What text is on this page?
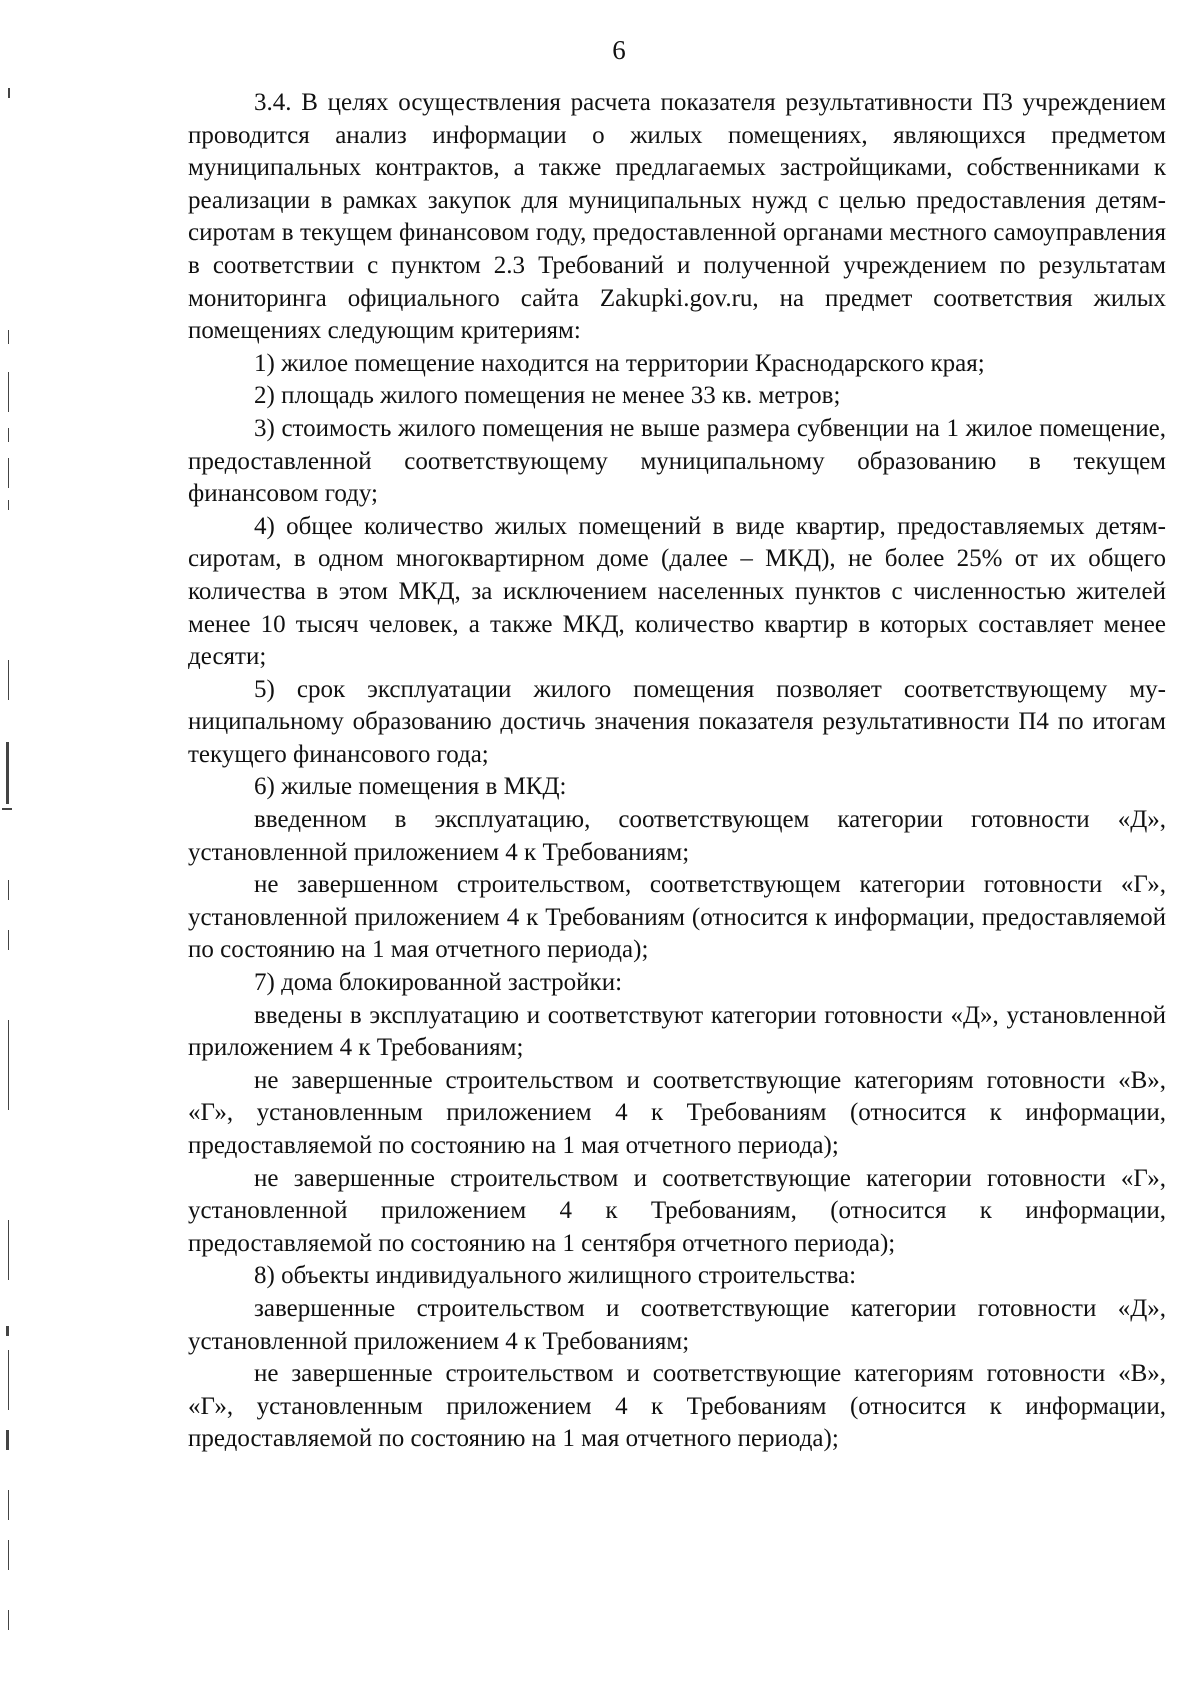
6

3.4. В целях осуществления расчета показателя результативности П3 учреждением проводится анализ информации о жилых помещениях, являющихся предметом муниципальных контрактов, а также предлагаемых застройщиками, собственниками к реализации в рамках закупок для муниципальных нужд с целью предоставления детям-сиротам в текущем финансовом году, предоставленной органами местного самоуправления в соответствии с пунктом 2.3 Требований и полученной учреждением по результатам мониторинга официального сайта Zakupki.gov.ru, на предмет соответствия жилых помещениях следующим критериям:

1) жилое помещение находится на территории Краснодарского края;

2) площадь жилого помещения не менее 33 кв. метров;

3) стоимость жилого помещения не выше размера субвенции на 1 жилое помещение, предоставленной соответствующему муниципальному образованию в текущем финансовом году;

4) общее количество жилых помещений в виде квартир, предоставляемых детям-сиротам, в одном многоквартирном доме (далее – МКД), не более 25% от их общего количества в этом МКД, за исключением населенных пунктов с численностью жителей менее 10 тысяч человек, а также МКД, количество квартир в которых составляет менее десяти;

5) срок эксплуатации жилого помещения позволяет соответствующему муниципальному образованию достичь значения показателя результативности П4 по итогам текущего финансового года;

6) жилые помещения в МКД:

введенном в эксплуатацию, соответствующем категории готовности «Д», установленной приложением 4 к Требованиям;

не завершенном строительством, соответствующем категории готовности «Г», установленной приложением 4 к Требованиям (относится к информации, предоставляемой по состоянию на 1 мая отчетного периода);

7) дома блокированной застройки:

введены в эксплуатацию и соответствуют категории готовности «Д», установленной приложением 4 к Требованиям;

не завершенные строительством и соответствующие категориям готовности «В», «Г», установленным приложением 4 к Требованиям (относится к информации, предоставляемой по состоянию на 1 мая отчетного периода);

не завершенные строительством и соответствующие категории готовности «Г», установленной приложением 4 к Требованиям, (относится к информации, предоставляемой по состоянию на 1 сентября отчетного периода);

8) объекты индивидуального жилищного строительства:

завершенные строительством и соответствующие категории готовности «Д», установленной приложением 4 к Требованиям;

не завершенные строительством и соответствующие категориям готовности «В», «Г», установленным приложением 4 к Требованиям (относится к информации, предоставляемой по состоянию на 1 мая отчетного периода);
